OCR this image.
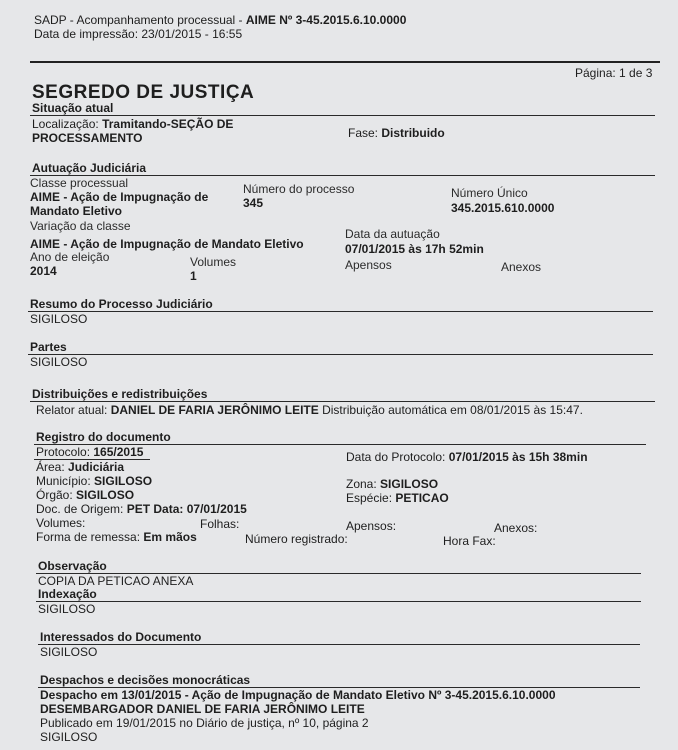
SADP - Acompanhamento processual - AIME Nº 3-45.2015.6.10.0000
Data de impressão: 23/01/2015 - 16:55
Página: 1 de 3
SEGREDO DE JUSTIÇA
Situação atual
Localização: Tramitando-SEÇÃO DE
PROCESSAMENTO	Fase: Distribuido
Autuação Judiciária
Classe processual
AIME - Ação de Impugnação de
Mandato Eletivo
Número do processo
345
Número Único
345.2015.610.0000
Variação da classe
AIME - Ação de Impugnação de Mandato Eletivo
Data da autuação
07/01/2015 às 17h 52min
Ano de eleição
2014
Volumes
1
Apensos	Anexos
Resumo do Processo Judiciário
SIGILOSO
Partes
SIGILOSO
Distribuições e redistribuições
Relator atual: DANIEL DE FARIA JERÔNIMO LEITE Distribuição automática em 08/01/2015 às 15:47.
Registro do documento
Protocolo: 165/2015	Data do Protocolo: 07/01/2015 às 15h 38min
Área: Judiciária
Município: SIGILOSO	Zona: SIGILOSO
Órgão: SIGILOSO	Espécie: PETICAO
Doc. de Origem: PET Data: 07/01/2015
Volumes:	Folhas:	Apensos:	Anexos:
Forma de remessa: Em mãos	Número registrado:	Hora Fax:
Observação
COPIA DA PETICAO ANEXA
Indexação
SIGILOSO
Interessados do Documento
SIGILOSO
Despachos e decisões monocráticas
Despacho em 13/01/2015 - Ação de Impugnação de Mandato Eletivo Nº 3-45.2015.6.10.0000
DESEMBARGADOR DANIEL DE FARIA JERÔNIMO LEITE
Publicado em 19/01/2015 no Diário de justiça, nº 10, página 2
SIGILOSO
